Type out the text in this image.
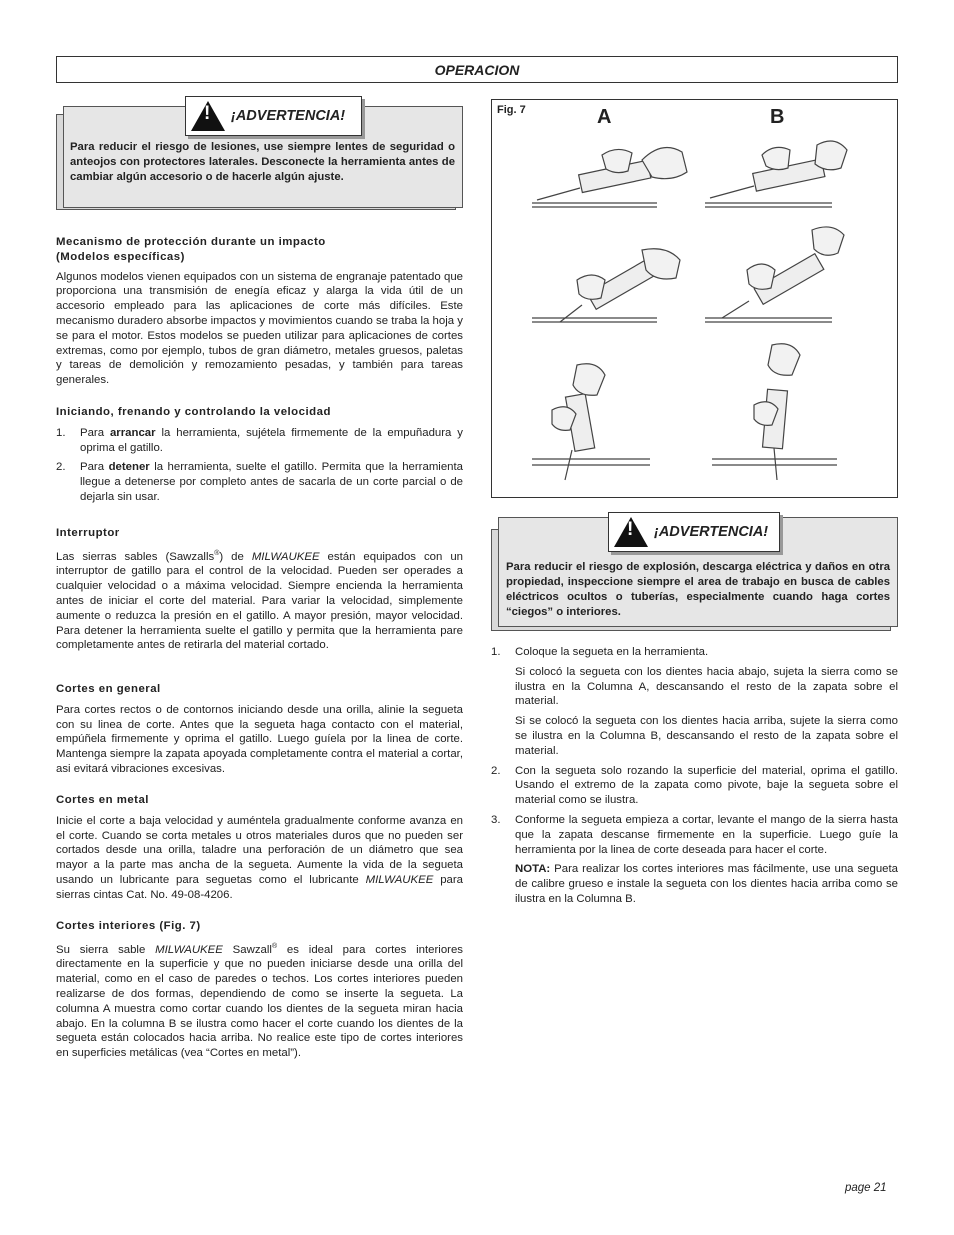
OPERACION
! ¡ADVERTENCIA!
Para reducir el riesgo de lesiones, use siempre lentes de seguridad o anteojos con protectores laterales. Desconecte la herramienta antes de cambiar algún accesorio o de hacerle algún ajuste.
Mecanismo de protección durante un impacto
(Modelos específicas)

Algunos modelos vienen equipados con un sistema de engranaje patentado que proporciona una transmisión de enegía eficaz y alarga la vida útil de un accesorio empleado para las aplicaciones de corte más difíciles. Este mecanismo duradero absorbe impactos y movimientos cuando se traba la hoja y se para el motor. Estos modelos se pueden utilizar para aplicaciones de cortes extremas, como por ejemplo, tubos de gran diámetro, metales gruesos, paletas y tareas de demolición y remozamiento pesadas, y también para tareas generales.

Iniciando, frenando y controlando la velocidad
1.	Para arrancar la herramienta, sujétela firmemente de la empuñadura y oprima el gatillo.
2.	Para detener la herramienta, suelte el gatillo. Permita que la herramienta llegue a detenerse por completo antes de sacarla de un corte parcial o de dejarla sin usar.
Interruptor

Las sierras sables (Sawzalls®) de MILWAUKEE están equipados con un interruptor de gatillo para el control de la velocidad. Pueden ser operades a cualquier velocidad o a máxima velocidad. Siempre encienda la herramienta antes de iniciar el corte del material. Para variar la velocidad, simplemente aumente o reduzca la presión en el gatillo. A mayor presión, mayor velocidad. Para detener la herramienta suelte el gatillo y permita que la herramienta pare completamente antes de retirarla del material cortado.

Cortes en general

Para cortes rectos o de contornos iniciando desde una orilla, alinie la segueta con su linea de corte. Antes que la segueta haga contacto con el material, empúñela firmemente y oprima el gatillo. Luego guíela por la linea de corte. Mantenga siempre la zapata apoyada completamente contra el material a cortar, asi evitará vibraciones excesivas.

Cortes en metal

Inicie el corte a baja velocidad y auméntela gradualmente conforme avanza en el corte. Cuando se corta metales u otros materiales duros que no pueden ser cortados desde una orilla, taladre una perforación de un diámetro que sea mayor a la parte mas ancha de la segueta. Aumente la vida de la segueta usando un lubricante para seguetas como el lubricante MILWAUKEE para sierras cintas Cat. No. 49-08-4206.

Cortes interiores (Fig. 7)

Su sierra sable MILWAUKEE Sawzall® es ideal para cortes interiores directamente en la superficie y que no pueden iniciarse desde una orilla del material, como en el caso de paredes o techos. Los cortes interiores pueden realizarse de dos formas, dependiendo de como se inserte la segueta. La columna A muestra como cortar cuando los dientes de la segueta miran hacia abajo. En la columna B se ilustra como hacer el corte cuando los dientes de la segueta están colocados hacia arriba. No realice este tipo de cortes interiores en superficies metálicas (vea “Cortes en metal”).

Fig. 7	A	B
! ¡ADVERTENCIA!
Para reducir el riesgo de explosión, descarga eléctrica y daños en otra propiedad, inspeccione siempre el area de trabajo en busca de cables eléctricos ocultos o tuberías, especialmente cuando haga cortes “ciegos” o interiores.
1.	Coloque la segueta en la herramienta.

Si colocó la segueta con los dientes hacia abajo, sujeta la sierra como se ilustra en la Columna A, descansando el resto de la zapata sobre el material.

Si se colocó la segueta con los dientes hacia arriba, sujete la sierra como se ilustra en la Columna B, descansando el resto de la zapata sobre el material.

2.	Con la segueta solo rozando la superficie del material, oprima el gatillo. Usando el extremo de la zapata como pivote, baje la segueta sobre el material como se ilustra.
3.	Conforme la segueta empieza a cortar, levante el mango de la sierra hasta que la zapata descanse firmemente en la superficie. Luego guíe la herramienta por la linea de corte deseada para hacer el corte.

NOTA: Para realizar los cortes interiores mas fácilmente, use una segueta de calibre grueso e instale la segueta con los dientes hacia arriba como se ilustra en la Columna B.

page 21
